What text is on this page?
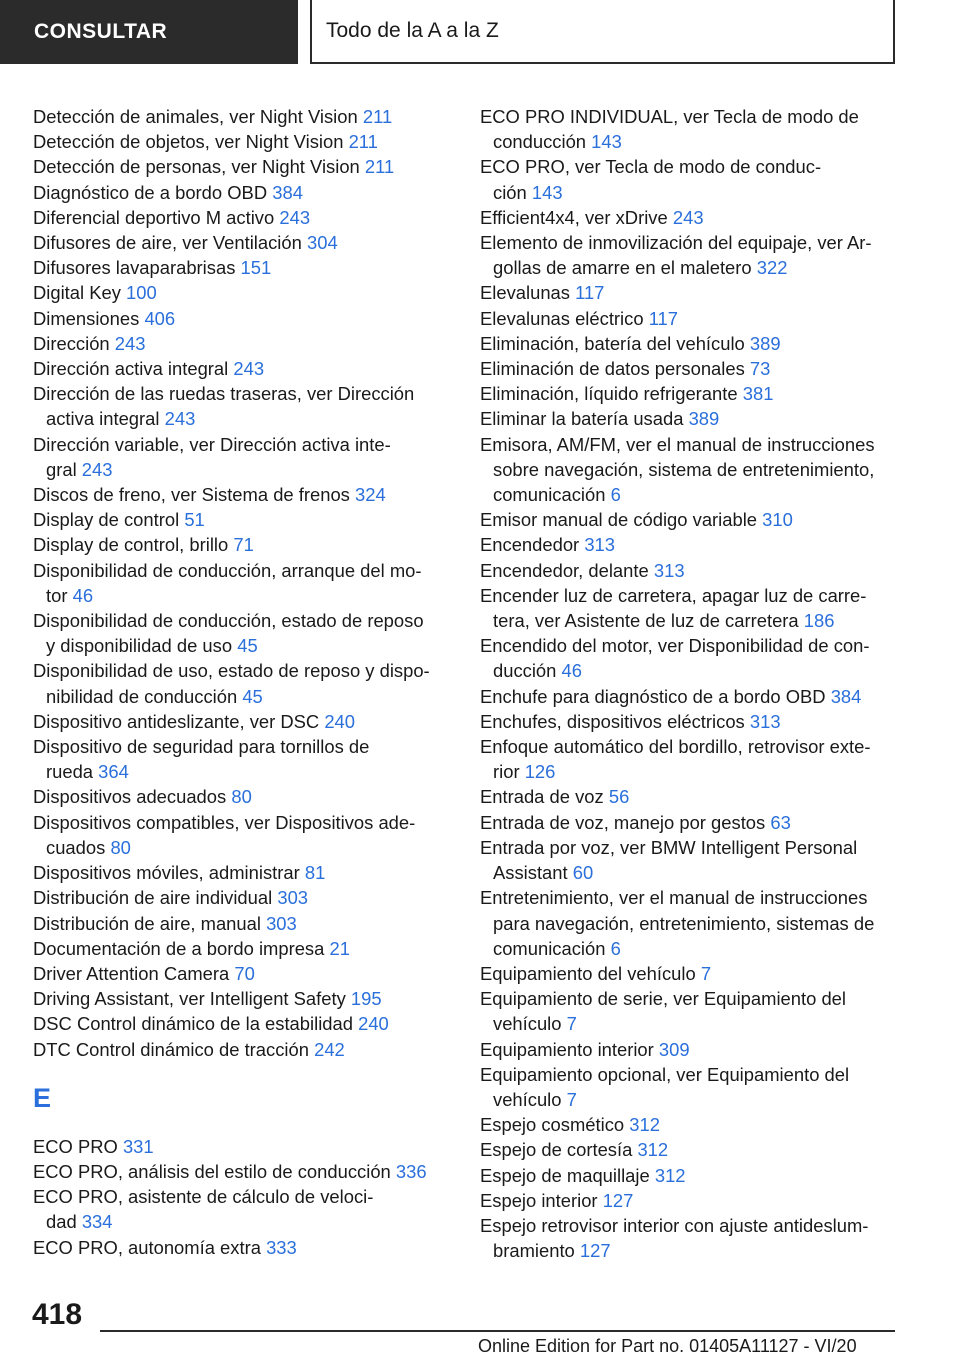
CONSULTAR	Todo de la A a la Z
Detección de animales, ver Night Vision 211
Detección de objetos, ver Night Vision 211
Detección de personas, ver Night Vision 211
Diagnóstico de a bordo OBD 384
Diferencial deportivo M activo 243
Difusores de aire, ver Ventilación 304
Difusores lavaparabrisas 151
Digital Key 100
Dimensiones 406
Dirección 243
Dirección activa integral 243
Dirección de las ruedas traseras, ver Dirección
activa integral 243
Dirección variable, ver Dirección activa inte‐
gral 243
Discos de freno, ver Sistema de frenos 324
Display de control 51
Display de control, brillo 71
Disponibilidad de conducción, arranque del mo‐
tor 46
Disponibilidad de conducción, estado de reposo
y disponibilidad de uso 45
Disponibilidad de uso, estado de reposo y dispo‐
nibilidad de conducción 45
Dispositivo antideslizante, ver DSC 240
Dispositivo de seguridad para tornillos de
rueda 364
Dispositivos adecuados 80
Dispositivos compatibles, ver Dispositivos ade‐
cuados 80
Dispositivos móviles, administrar 81
Distribución de aire individual 303
Distribución de aire, manual 303
Documentación de a bordo impresa 21
Driver Attention Camera 70
Driving Assistant, ver Intelligent Safety 195
DSC Control dinámico de la estabilidad 240
DTC Control dinámico de tracción 242
E
ECO PRO 331
ECO PRO, análisis del estilo de conducción 336
ECO PRO, asistente de cálculo de veloci‐
dad 334
ECO PRO, autonomía extra 333
ECO PRO INDIVIDUAL, ver Tecla de modo de
conducción 143
ECO PRO, ver Tecla de modo de conduc‐
ción 143
Efficient4x4, ver xDrive 243
Elemento de inmovilización del equipaje, ver Ar‐
gollas de amarre en el maletero 322
Elevalunas 117
Elevalunas eléctrico 117
Eliminación, batería del vehículo 389
Eliminación de datos personales 73
Eliminación, líquido refrigerante 381
Eliminar la batería usada 389
Emisora, AM/FM, ver el manual de instrucciones
sobre navegación, sistema de entretenimiento,
comunicación 6
Emisor manual de código variable 310
Encendedor 313
Encendedor, delante 313
Encender luz de carretera, apagar luz de carre‐
tera, ver Asistente de luz de carretera 186
Encendido del motor, ver Disponibilidad de con‐
ducción 46
Enchufe para diagnóstico de a bordo OBD 384
Enchufes, dispositivos eléctricos 313
Enfoque automático del bordillo, retrovisor exte‐
rior 126
Entrada de voz 56
Entrada de voz, manejo por gestos 63
Entrada por voz, ver BMW Intelligent Personal
Assistant 60
Entretenimiento, ver el manual de instrucciones
para navegación, entretenimiento, sistemas de
comunicación 6
Equipamiento del vehículo 7
Equipamiento de serie, ver Equipamiento del
vehículo 7
Equipamiento interior 309
Equipamiento opcional, ver Equipamiento del
vehículo 7
Espejo cosmético 312
Espejo de cortesía 312
Espejo de maquillaje 312
Espejo interior 127
Espejo retrovisor interior con ajuste antideslum‐
bramiento 127
418
Online Edition for Part no. 01405A11127 - VI/20
